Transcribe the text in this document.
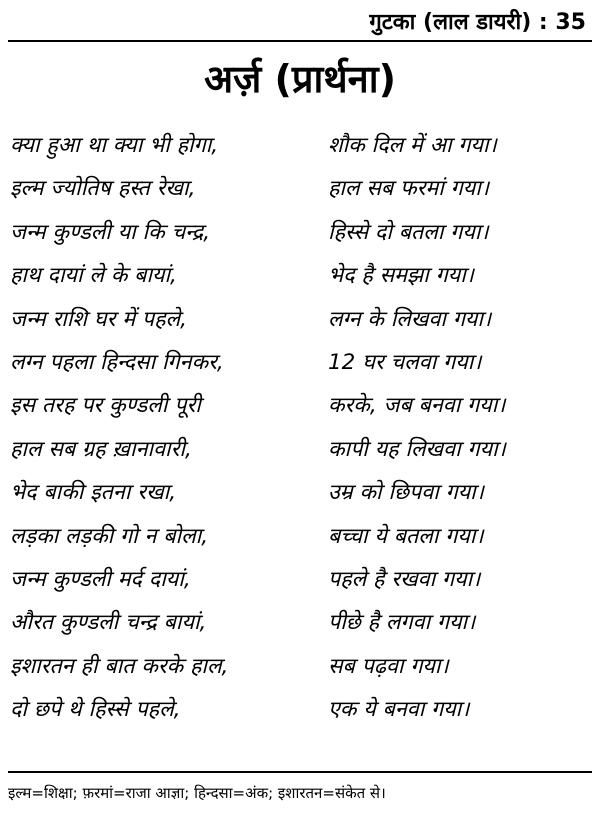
गुटका (लाल डायरी) : 35
अर्ज़ (प्रार्थना)
क्या हुआ था क्या भी होगा,	शौक दिल में आ गया।
इल्म ज्योतिष हस्त रेखा,	हाल सब फरमां गया।
जन्म कुण्डली या कि चन्द्र,	हिस्से दो बतला गया।
हाथ दायां ले के बायां,	भेद है समझा गया।
जन्म राशि घर में पहले,	लग्न के लिखवा गया।
लग्न पहला हिन्दसा गिनकर,	12 घर चलवा गया।
इस तरह पर कुण्डली पूरी	करके, जब बनवा गया।
हाल सब ग्रह ख़ानावारी,	कापी यह लिखवा गया।
भेद बाकी इतना रखा,	उम्र को छिपवा गया।
लड़का लड़की गो न बोला,	बच्चा ये बतला गया।
जन्म कुण्डली मर्द दायां,	पहले है रखवा गया।
औरत कुण्डली चन्द्र बायां,	पीछे है लगवा गया।
इशारतन ही बात करके हाल,	सब पढ़वा गया।
दो छपे थे हिस्से पहले,	एक ये बनवा गया।
इल्म=शिक्षा; फ़रमां=राजा आज्ञा; हिन्दसा=अंक; इशारतन=संकेत से।
